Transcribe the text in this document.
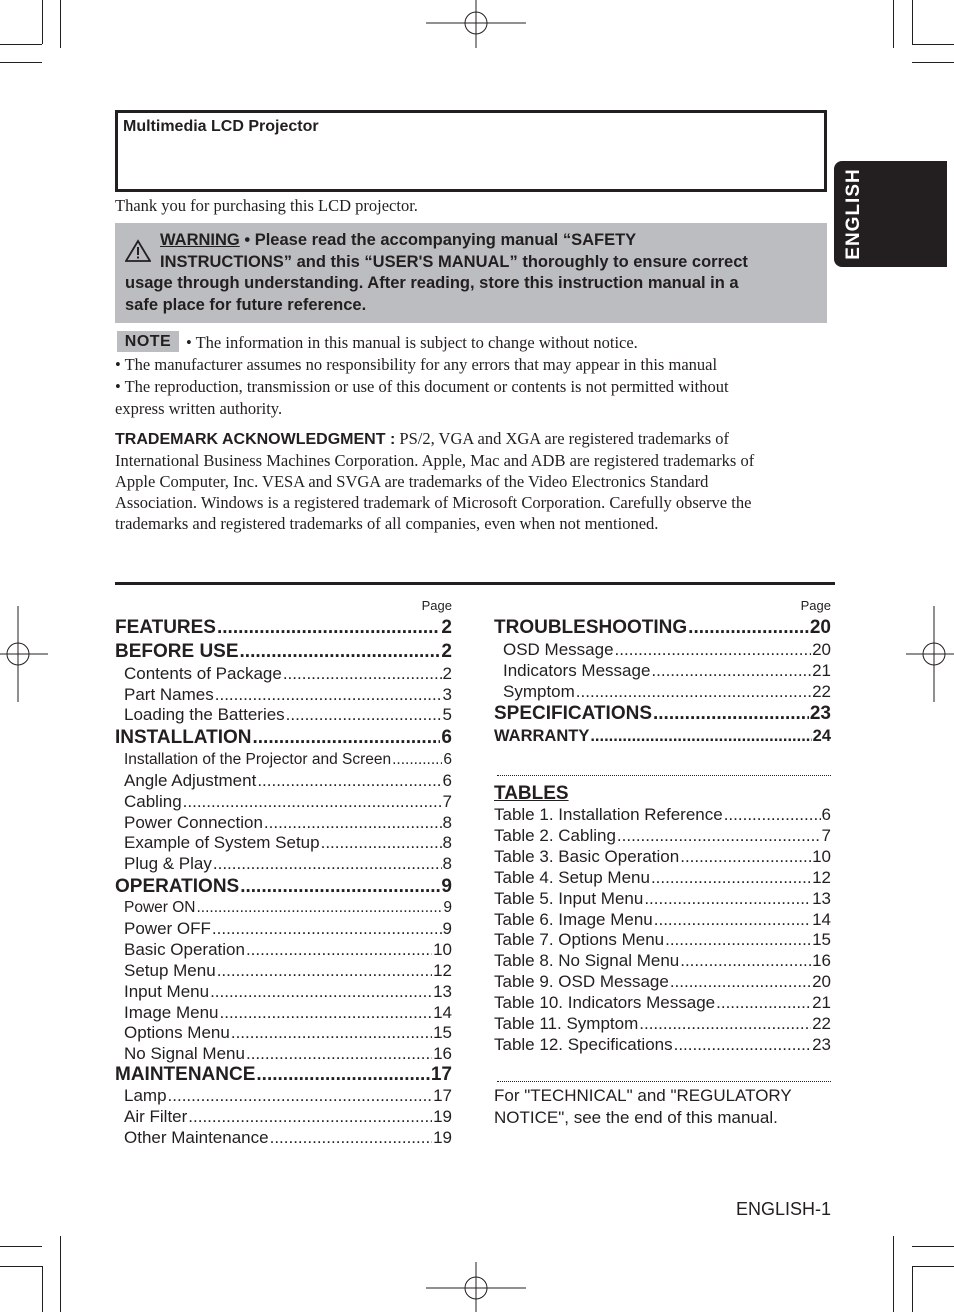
Multimedia LCD Projector
ENGLISH
Thank you for purchasing this LCD projector.
WARNING • Please read the accompanying manual “SAFETY
INSTRUCTIONS” and this “USER'S MANUAL” thoroughly to ensure correct
usage through understanding. After reading, store this instruction manual in a
safe place for future reference.
NOTE • The information in this manual is subject to change without notice.
• The manufacturer assumes no responsibility for any errors that may appear in this manual
• The reproduction, transmission or use of this document or contents is not permitted without
express written authority.
TRADEMARK ACKNOWLEDGMENT : PS/2, VGA and XGA are registered trademarks of
International Business Machines Corporation. Apple, Mac and ADB are registered trademarks of
Apple Computer, Inc. VESA and SVGA are trademarks of the Video Electronics Standard
Association. Windows is a registered trademark of Microsoft Corporation. Carefully observe the
trademarks and registered trademarks of all companies, even when not mentioned.
Page	Page
FEATURES .....	2
BEFORE USE .....	2
Contents of Package .....	2
Part Names .....	3
Loading the Batteries .....	5
INSTALLATION .....	6
Installation of the Projector and Screen .....	6
Angle Adjustment .....	6
Cabling .....	7
Power Connection .....	8
Example of System Setup .....	8
Plug & Play .....	8
OPERATIONS .....	9
Power ON .....	9
Power OFF .....	9
Basic Operation .....	10
Setup Menu .....	12
Input Menu .....	13
Image Menu .....	14
Options Menu .....	15
No Signal Menu .....	16
MAINTENANCE .....	17
Lamp .....	17
Air Filter .....	19
Other Maintenance .....	19
TROUBLESHOOTING .....	20
OSD Message .....	20
Indicators Message .....	21
Symptom .....	22
SPECIFICATIONS .....	23
WARRANTY .....	24
TABLES
Table 1. Installation Reference .....	6
Table 2. Cabling .....	7
Table 3. Basic Operation .....	10
Table 4. Setup Menu .....	12
Table 5. Input Menu .....	13
Table 6. Image Menu .....	14
Table 7. Options Menu .....	15
Table 8. No Signal Menu .....	16
Table 9. OSD Message .....	20
Table 10. Indicators Message .....	21
Table 11. Symptom .....	22
Table 12. Specifications .....	23
For "TECHNICAL" and "REGULATORY
NOTICE", see the end of this manual.
ENGLISH-1
